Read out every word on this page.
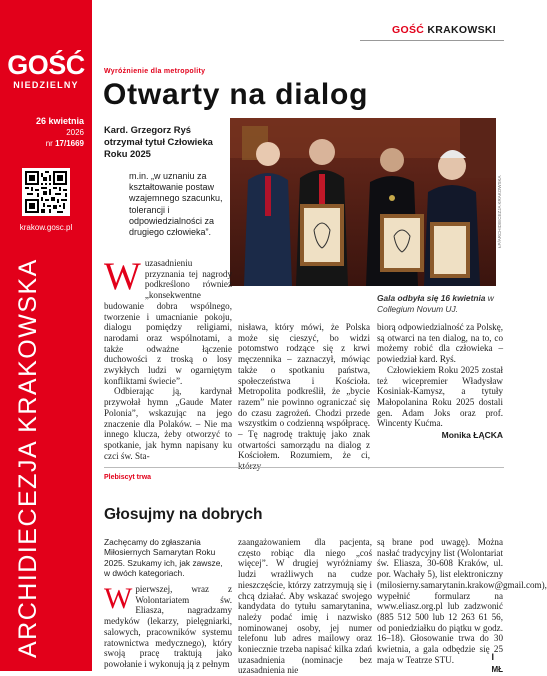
GOŚĆ
NIEDZIELNY
26 kwietnia
2026
nr 17/1669
krakow.gosc.pl
ARCHIDIECEZJA KRAKOWSKA
GOŚĆ KRAKOWSKI
Wyróżnienie dla metropolity
Otwarty na dialog
Kard. Grzegorz Ryś otrzymał tytuł Człowieka Roku 2025
m.in. „w uznaniu za kształtowanie postaw wzajemnego szacunku, tolerancji i odpowiedzialności za drugiego człowieka”.	ŁP/ARCHIDIECEZJA KRAKOWSKA
Gala odbyła się 16 kwietnia w Collegium Novum UJ.

Wuzasadnieniu przyznania tej nagrody podkreślono również „konsekwentne budowanie dobra wspólnego, tworzenie i umacnianie pokoju, dialogu pomiędzy religiami, narodami oraz wspólnotami, a także odważne łączenie duchowości z troską o losy zwykłych ludzi w ogarniętym konfliktami świecie”.

Odbierając ją, kardynał przywołał hymn „Gaude Mater Polonia”, wskazując na jego znaczenie dla Polaków. – Nie ma innego klucza, żeby otworzyć to spotkanie, jak hymn napisany ku czci św. Sta-

nisława, który mówi, że Polska może się cieszyć, bo widzi potomstwo rodzące się z krwi męczennika – zaznaczył, mówiąc także o spotkaniu państwa, społeczeństwa i Kościoła. Metropolita podkreślił, że „bycie razem” nie powinno ograniczać się do czasu zagrożeń. Chodzi przede wszystkim o codzienną współpracę. – Tę nagrodę traktuję jako znak otwartości samorządu na dialog z Kościołem. Rozumiem, że ci,

biorą odpowiedzialność za Polskę, są otwarci na ten dialog, na to, co możemy robić dla człowieka – powiedział kard. Ryś.

Człowiekiem Roku 2025 został też wicepremier Władysław Kosiniak-Kamysz, a tytuły Małopolanina Roku 2025 dostali gen. Adam Joks oraz prof. Wincenty Kućma.

Monika ŁĄCKA
Plebiscyt trwa
Głosujmy na dobrych
Zachęcamy do zgłaszania Miłosiernych Samarytan Roku 2025. Szukamy ich, jak zawsze, w dwóch kategoriach.

Wpierwszej, wraz z Wolontariatem św. Eliasza, nagradzamy medyków (lekarzy, pielęgniarki, salowych, pracowników systemu ratownictwa medycznego), który swoją pracę traktują jako powołanie i wykonują ją z pełnym

zaangażowaniem dla pacjenta, często robiąc dla niego „coś więcej”. W drugiej wyróżniamy ludzi wrażliwych na cudze nieszczęście, którzy zatrzymują się i chcą działać. Aby wskazać swojego kandydata do tytułu samarytanina, należy podać imię i nazwisko nominowanej osoby, jej numer telefonu lub adres mailowy oraz koniecznie trzeba napisać kilka zdań uzasadnienia (nominacje bez uzasadnienia nie

są brane pod uwagę). Można nasłać tradycyjny list (Wolontariat św. Eliasza, 30-608 Kraków, ul. por. Wachały 5), list elektroniczny (milosierny.samarytanin.krakow@gmail.com), wypełnić formularz na www.eliasz.org.pl lub zadzwonić (885 512 500 lub 12 263 61 56, od poniedziałku do piątku w godz. 16–18). Głosowanie trwa do 30 kwietnia, a gala odbędzie się 25 maja w Teatrze STU.

MŁ
I
